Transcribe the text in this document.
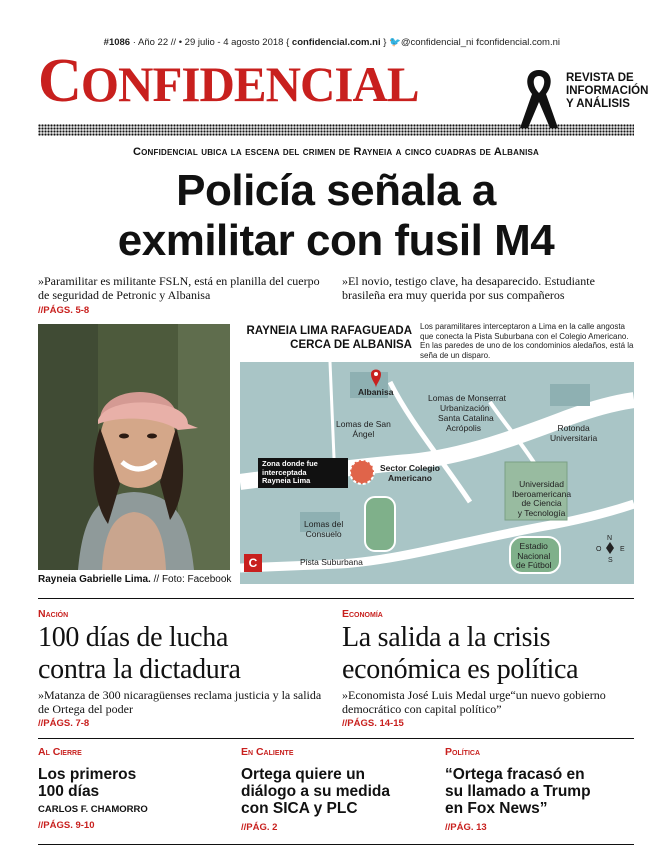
#1086 · Año 22 // • 29 julio - 4 agosto 2018 { confidencial.com.ni } 🐦@confidencial_ni fconfidencial.com.ni
CONFIDENCIAL	REVISTA DE
INFORMACIÓN
Y ANÁLISIS
Confidencial ubica la escena del crimen de Rayneia a cinco cuadras de Albanisa
Policía señala a
exmilitar con fusil M4
»Paramilitar es militante FSLN, está en planilla del cuerpo de seguridad de Petronic y Albanisa
//PÁGS. 5-8
»El novio, testigo clave, ha desaparecido. Estudiante brasileña era muy querida por sus compañeros
Rayneia Gabrielle Lima. // Foto: Facebook
RAYNEIA LIMA RAFAGUEADA
CERCA DE ALBANISA
Los paramilitares interceptaron a Lima en la calle angosta que conecta la Pista Suburbana con el Colegio Americano. En las paredes de uno de los condominios aledaños, está la seña de un disparo.
Zona donde fue
interceptada
Rayneia Lima
Albanisa
Lomas de Monserrat
Urbanización
Santa Catalina
Acrópolis
Lomas de San
Ángel
Rotonda
Universitaria
Sector Colegio
Americano
Universidad
Iberoamericana
de Ciencia
y Tecnología
Lomas del
Consuelo
Estadio
Nacional
de Fútbol
Pista Suburbana
N
S
E
O
C
Nación
100 días de lucha
contra la dictadura
»Matanza de 300 nicaragüenses reclama justicia y la salida de Ortega del poder
//PÁGS. 7-8
Economía
La salida a la crisis
económica es política
»Economista José Luis Medal urge“un nuevo gobierno democrático con capital político”
//PÁGS. 14-15
Al Cierre
Los primeros
100 días
CARLOS F. CHAMORRO
//PÁGS. 9-10
En Caliente
Ortega quiere un
diálogo a su medida
con SICA y PLC
//PÁG. 2
Política
“Ortega fracasó en
su llamado a Trump
en Fox News”
//PÁG. 13
